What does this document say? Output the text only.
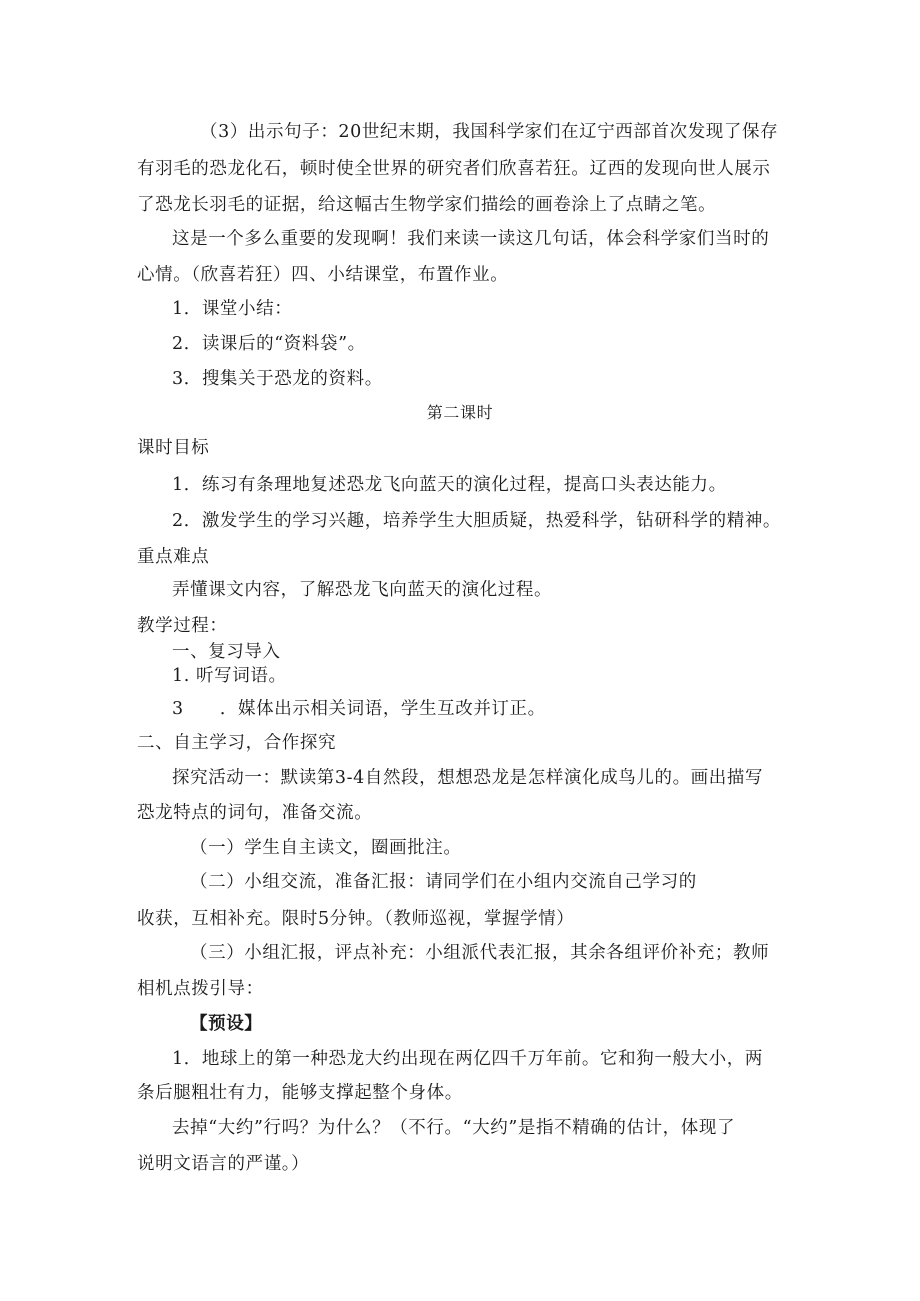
（3）出示句子：20世纪末期，我国科学家们在辽宁西部首次发现了保存
有羽毛的恐龙化石，顿时使全世界的研究者们欣喜若狂。辽西的发现向世人展示
了恐龙长羽毛的证据，给这幅古生物学家们描绘的画卷涂上了点睛之笔。
这是一个多么重要的发现啊！我们来读一读这几句话，体会科学家们当时的
心情。（欣喜若狂）四、小结课堂，布置作业。
1．课堂小结：
2．读课后的“资料袋”。
3．搜集关于恐龙的资料。
第二课时
课时目标
1．练习有条理地复述恐龙飞向蓝天的演化过程，提高口头表达能力。
2．激发学生的学习兴趣，培养学生大胆质疑，热爱科学，钻研科学的精神。
重点难点
弄懂课文内容，了解恐龙飞向蓝天的演化过程。
教学过程：
一、复习导入
1. 听写词语。
3　　．媒体出示相关词语，学生互改并订正。
二、自主学习，合作探究
探究活动一：默读第3-4自然段，想想恐龙是怎样演化成鸟儿的。画出描写
恐龙特点的词句，准备交流。
（一）学生自主读文，圈画批注。
（二）小组交流，准备汇报：请同学们在小组内交流自己学习的
收获，互相补充。限时5分钟。（教师巡视，掌握学情）
（三）小组汇报，评点补充：小组派代表汇报，其余各组评价补充；教师
相机点拨引导：
【预设】
1．地球上的第一种恐龙大约出现在两亿四千万年前。它和狗一般大小，两
条后腿粗壮有力，能够支撑起整个身体。
去掉“大约”行吗？为什么？（不行。“大约”是指不精确的估计，体现了
说明文语言的严谨。）
